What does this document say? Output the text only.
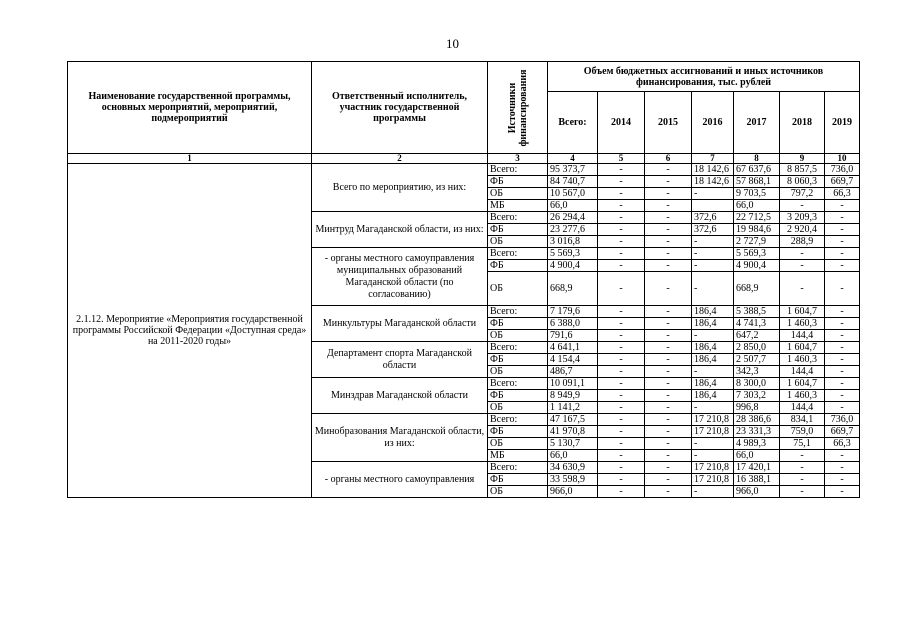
10
Наименование государственной программы, основных мероприятий, мероприятий, подмероприятий	Ответственный исполнитель, участник государственной программы	Источники финансирования	Объем бюджетных ассигнований и иных источников финансирования, тыс. рублей						
			Всего:	2014	2015	2016	2017	2018	2019
1	2	3	4	5	6	7	8	9	10
2.1.12. Мероприятие «Мероприятия государственной программы Российской Федерации «Доступная среда» на 2011-2020 годы»	Всего по мероприятию, из них:	Всего:	95 373,7	-	-	18 142,6	67 637,6	8 857,5	736,0
		ФБ	84 740,7	-	-	18 142,6	57 868,1	8 060,3	669,7
		ОБ	10 567,0	-	-	-	9 703,5	797,2	66,3
		МБ	66,0	-	-		66,0	-	-
	Минтруд Магаданской области, из них:	Всего:	26 294,4	-	-	372,6	22 712,5	3 209,3	-
		ФБ	23 277,6	-	-	372,6	19 984,6	2 920,4	-
		ОБ	3 016,8	-	-	-	2 727,9	288,9	-
	- органы местного самоуправления муниципальных образований Магаданской области (по согласованию)	Всего:	5 569,3	-	-	-	5 569,3	-	-
		ФБ	4 900,4	-	-	-	4 900,4	-	-
		ОБ	668,9	-	-	-	668,9	-	-
	Минкультуры Магаданской области	Всего:	7 179,6	-	-	186,4	5 388,5	1 604,7	-
		ФБ	6 388,0	-	-	186,4	4 741,3	1 460,3	-
		ОБ	791,6	-	-	-	647,2	144,4	-
	Департамент спорта Магаданской области	Всего:	4 641,1	-	-	186,4	2 850,0	1 604,7	-
		ФБ	4 154,4	-	-	186,4	2 507,7	1 460,3	-
		ОБ	486,7	-	-	-	342,3	144,4	-
	Минздрав Магаданской области	Всего:	10 091,1	-	-	186,4	8 300,0	1 604,7	-
		ФБ	8 949,9	-	-	186,4	7 303,2	1 460,3	-
		ОБ	1 141,2	-	-	-	996,8	144,4	-
	Минобразования Магаданской области, из них:	Всего:	47 167,5	-	-	17 210,8	28 386,6	834,1	736,0
		ФБ	41 970,8	-	-	17 210,8	23 331,3	759,0	669,7
		ОБ	5 130,7	-	-	-	4 989,3	75,1	66,3
		МБ	66,0	-	-	-	66,0	-	-
	- органы местного самоуправления	Всего:	34 630,9	-	-	17 210,8	17 420,1	-	-
		ФБ	33 598,9	-	-	17 210,8	16 388,1	-	-
		ОБ	966,0	-	-	-	966,0	-	-
